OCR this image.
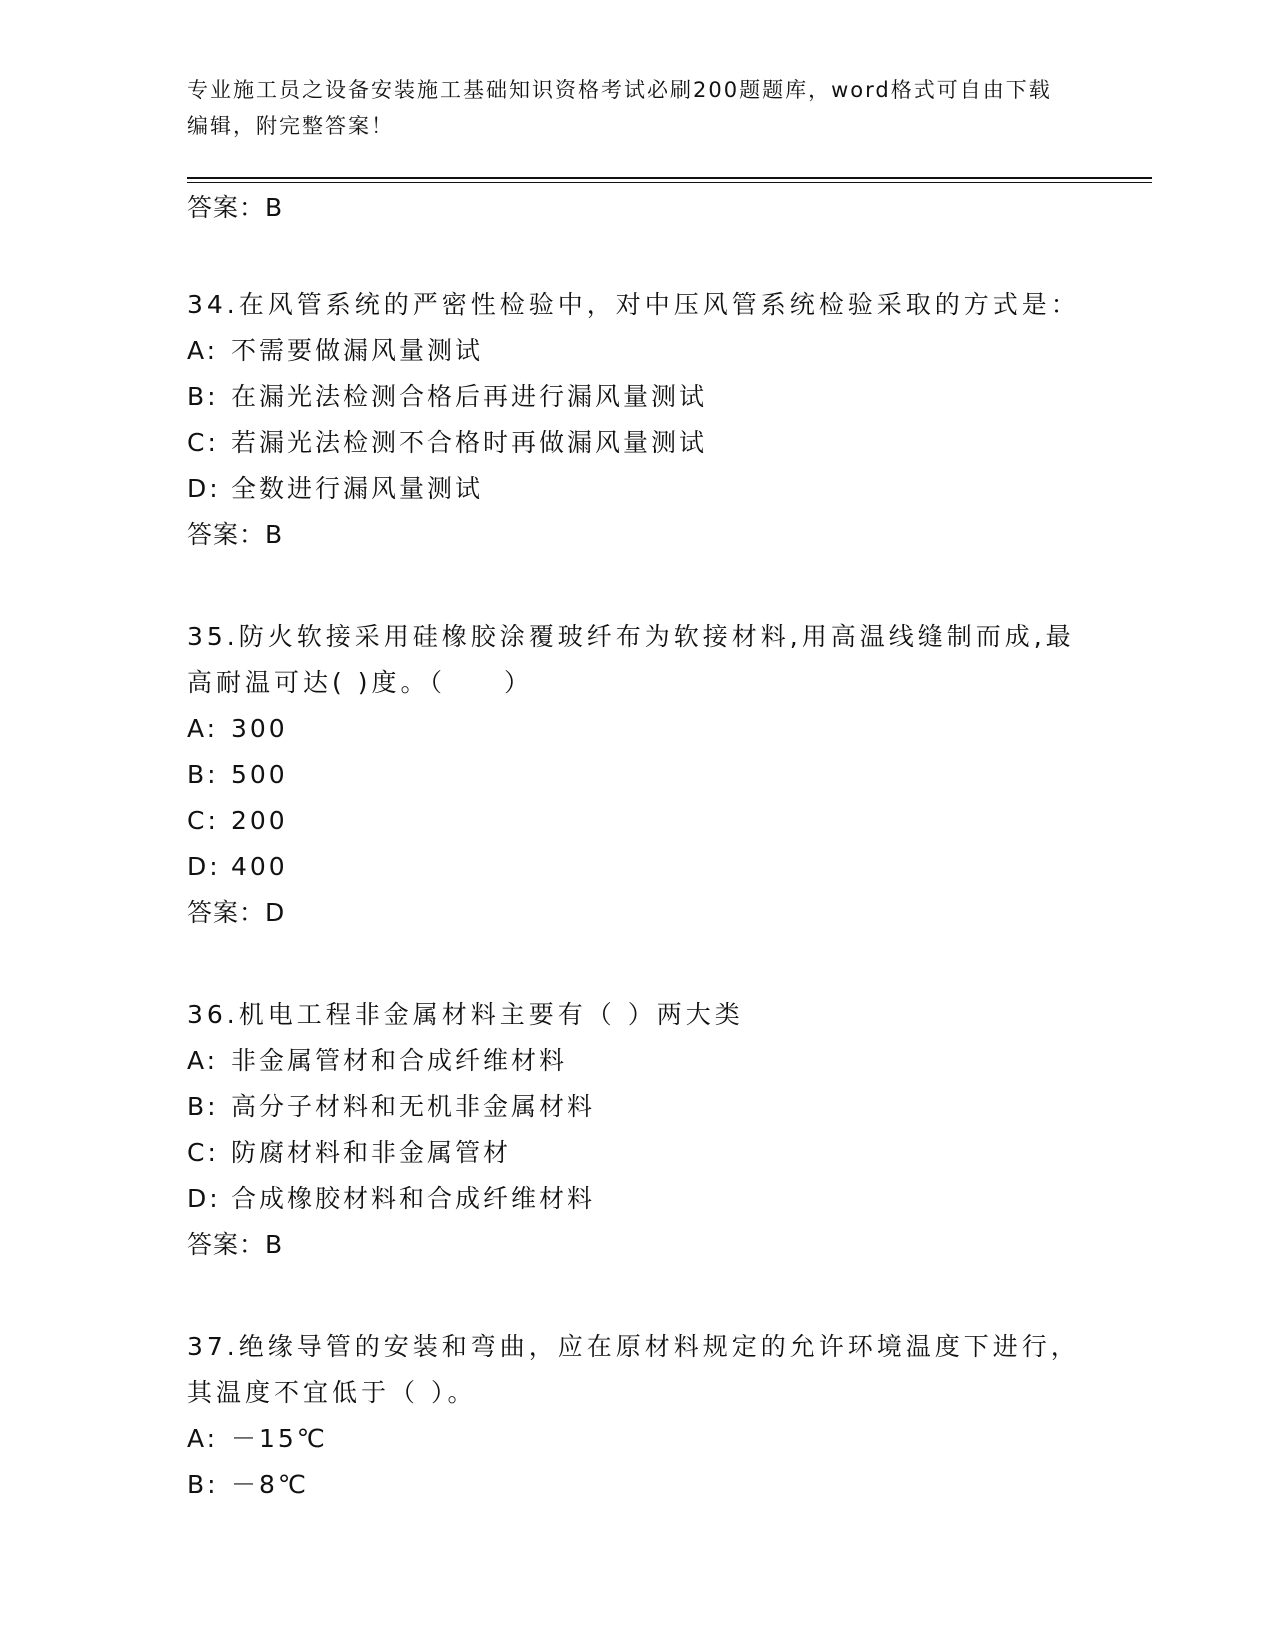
专业施工员之设备安装施工基础知识资格考试必刷200题题库，word格式可自由下载编辑，附完整答案！

答案：B

34.在风管系统的严密性检验中，对中压风管系统检验采取的方式是：

A: 不需要做漏风量测试

B: 在漏光法检测合格后再进行漏风量测试

C: 若漏光法检测不合格时再做漏风量测试

D: 全数进行漏风量测试

答案：B

35.防火软接采用硅橡胶涂覆玻纤布为软接材料,用高温线缝制而成,最高耐温可达( )度。（　　）

A: 300

B: 500

C: 200

D: 400

答案：D

36.机电工程非金属材料主要有（ ）两大类

A: 非金属管材和合成纤维材料

B: 高分子材料和无机非金属材料

C: 防腐材料和非金属管材

D: 合成橡胶材料和合成纤维材料

答案：B

37.绝缘导管的安装和弯曲，应在原材料规定的允许环境温度下进行，其温度不宜低于（ ）。

A: －15℃

B: －8℃
